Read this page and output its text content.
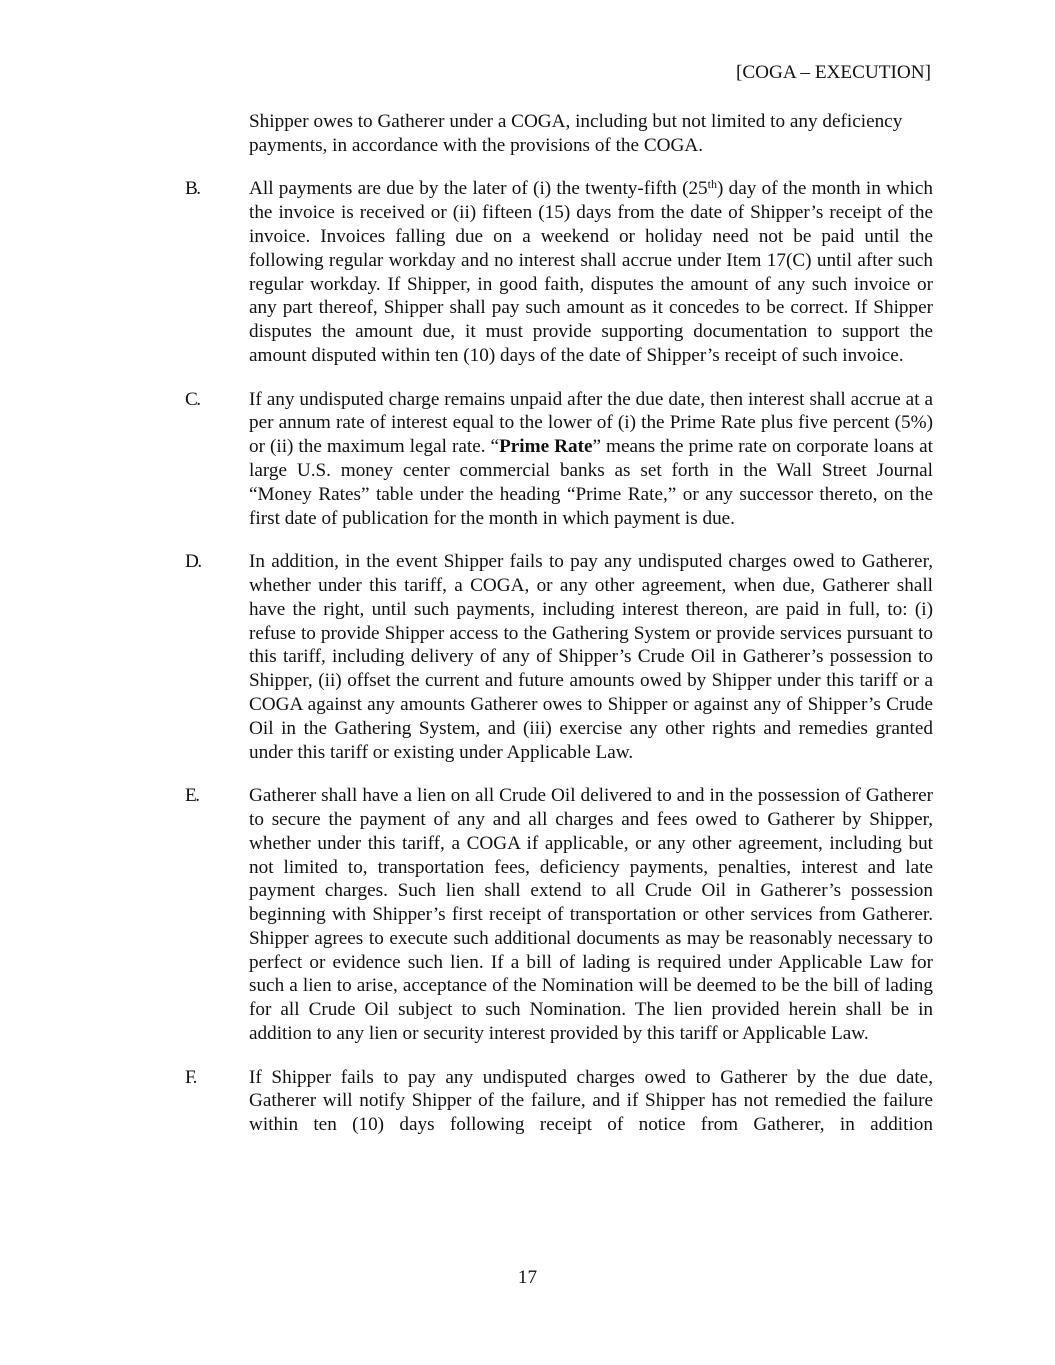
[COGA – EXECUTION]
Shipper owes to Gatherer under a COGA, including but not limited to any deficiency payments, in accordance with the provisions of the COGA.
B.	All payments are due by the later of (i) the twenty-fifth (25th) day of the month in which the invoice is received or (ii) fifteen (15) days from the date of Shipper’s receipt of the invoice. Invoices falling due on a weekend or holiday need not be paid until the following regular workday and no interest shall accrue under Item 17(C) until after such regular workday. If Shipper, in good faith, disputes the amount of any such invoice or any part thereof, Shipper shall pay such amount as it concedes to be correct. If Shipper disputes the amount due, it must provide supporting documentation to support the amount disputed within ten (10) days of the date of Shipper’s receipt of such invoice.
C.	If any undisputed charge remains unpaid after the due date, then interest shall accrue at a per annum rate of interest equal to the lower of (i) the Prime Rate plus five percent (5%) or (ii) the maximum legal rate. “Prime Rate” means the prime rate on corporate loans at large U.S. money center commercial banks as set forth in the Wall Street Journal “Money Rates” table under the heading “Prime Rate,” or any successor thereto, on the first date of publication for the month in which payment is due.
D.	In addition, in the event Shipper fails to pay any undisputed charges owed to Gatherer, whether under this tariff, a COGA, or any other agreement, when due, Gatherer shall have the right, until such payments, including interest thereon, are paid in full, to: (i) refuse to provide Shipper access to the Gathering System or provide services pursuant to this tariff, including delivery of any of Shipper’s Crude Oil in Gatherer’s possession to Shipper, (ii) offset the current and future amounts owed by Shipper under this tariff or a COGA against any amounts Gatherer owes to Shipper or against any of Shipper’s Crude Oil in the Gathering System, and (iii) exercise any other rights and remedies granted under this tariff or existing under Applicable Law.
E.	Gatherer shall have a lien on all Crude Oil delivered to and in the possession of Gatherer to secure the payment of any and all charges and fees owed to Gatherer by Shipper, whether under this tariff, a COGA if applicable, or any other agreement, including but not limited to, transportation fees, deficiency payments, penalties, interest and late payment charges. Such lien shall extend to all Crude Oil in Gatherer’s possession beginning with Shipper’s first receipt of transportation or other services from Gatherer. Shipper agrees to execute such additional documents as may be reasonably necessary to perfect or evidence such lien. If a bill of lading is required under Applicable Law for such a lien to arise, acceptance of the Nomination will be deemed to be the bill of lading for all Crude Oil subject to such Nomination. The lien provided herein shall be in addition to any lien or security interest provided by this tariff or Applicable Law.
F.	If Shipper fails to pay any undisputed charges owed to Gatherer by the due date, Gatherer will notify Shipper of the failure, and if Shipper has not remedied the failure within ten (10) days following receipt of notice from Gatherer, in addition
17
